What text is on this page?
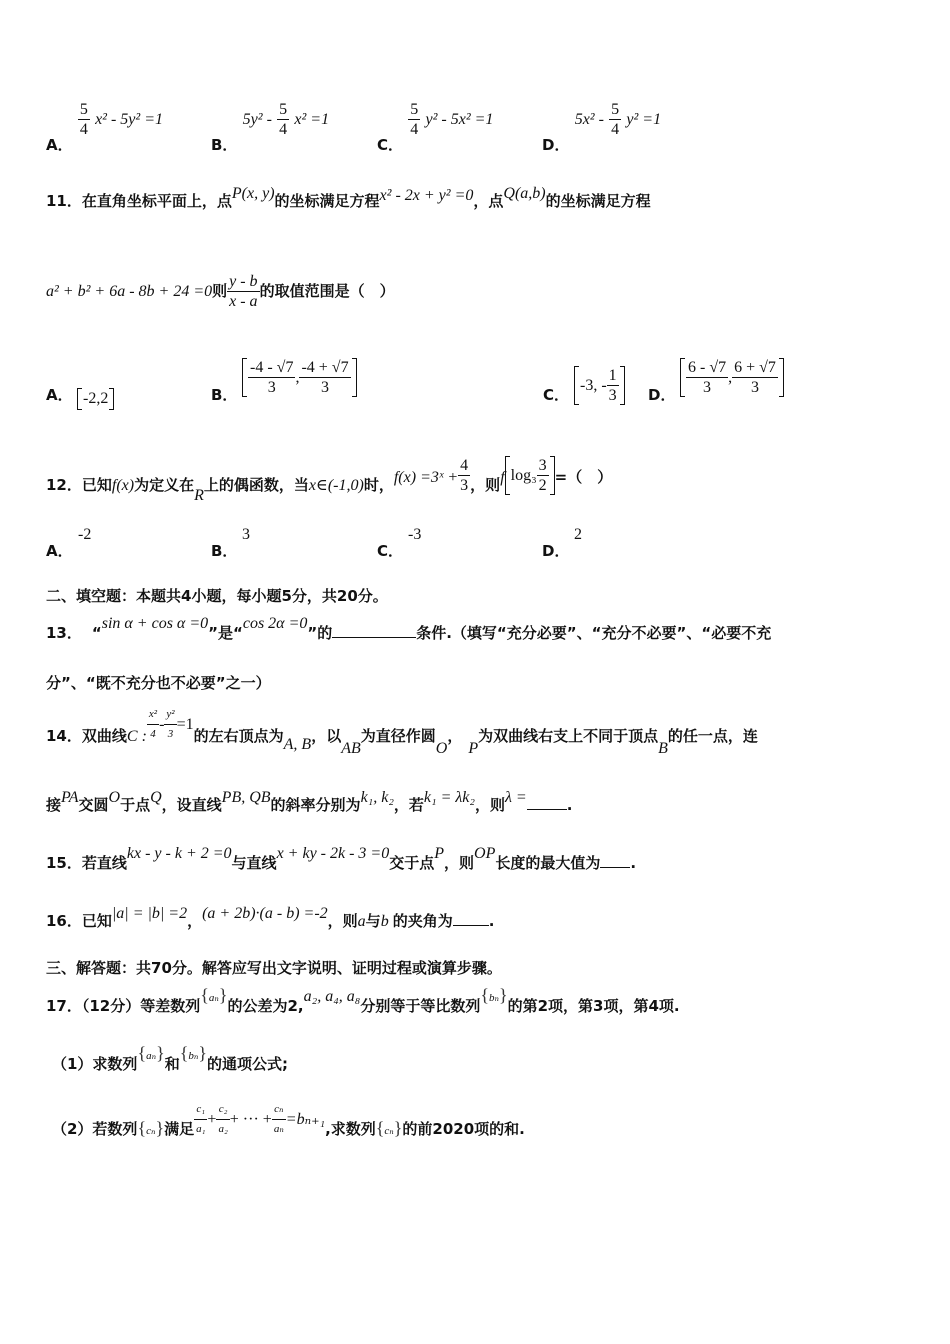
A．
$\frac{5}{4} x^2 - 5y^2 =1$
B． $5y^2 - \frac{5}{4} x^2 =1$
C．
$\frac{5}{4} y^2 - 5x^2 =1$
D． $5x^2 - \frac{5}{4} y^2 =1$
11．在直角坐标平面上，点P(x, y)的坐标满足方程x² - 2x + y² =0，点Q(a,b)的坐标满足方程
a² + b² + 6a - 8b + 24 =0则 $\frac{y - b}{x - a}$ 的取值范围是（　）
A． -2,2	B． $\frac{-4 - √7}{3}$ , $\frac{-4 + √7}{3}$	C．
-3, - $\frac{1}{3}$ D． $\frac{6 - √7}{3}$ , $\frac{6 + √7}{3}$
12．已知f(x)为定义在R上的偶函数，当x∈(-1,0)时，f(x) =3ˣ + $\frac{4}{3}$ ，则f $\log_3 \frac{3}{2}$ =（　）
A．
-2
B．
3
C．
-3
D．
2
二、填空题：本题共4小题，每小题5分，共20分。
13． “sin α + cos α =0”是“cos 2α =0”的	条件.（填写“充分必要”、“充分不必要”、“必要不充
分”、“既不充分也不必要”之一）
14．双曲线C : $\frac{\text{x²}}{4} - \frac{\text{y²}}{3} =1$的左右顶点为A, B，以AB为直径作圆O，P为双曲线右支上不同于顶点B的任一点，连
接PA交圆O于点Q，设直线PB, QB的斜率分别为k₁, k₂，若k₁ = λk₂，则λ =	.
15．若直线kx - y - k + 2 =0与直线x + ky - 2k - 3 =0交于点P，则OP长度的最大值为 .
16．已知|a| = |b| =2，(a + 2b)·(a - b) =-2，则a与b 的夹角为 .
三、解答题：共70分。解答应写出文字说明、证明过程或演算步骤。
17．（12分）等差数列{aₙ}的公差为2,a₂, a₄, a₈分别等于等比数列{bₙ}的第2项，第3项，第4项.
（1）求数列{aₙ}和{bₙ}的通项公式;
（2）若数列$\{_{c_n}\}$满足 $\frac{\text{c₁}}{\text{a₁}} + \frac{\text{c₂}}{\text{a₂}}$ + ··· + $\frac{\text{cₙ}}{\text{aₙ}} =b_{n+1}$,求数列$\{_{c_n}\}$的前2020项的和.
